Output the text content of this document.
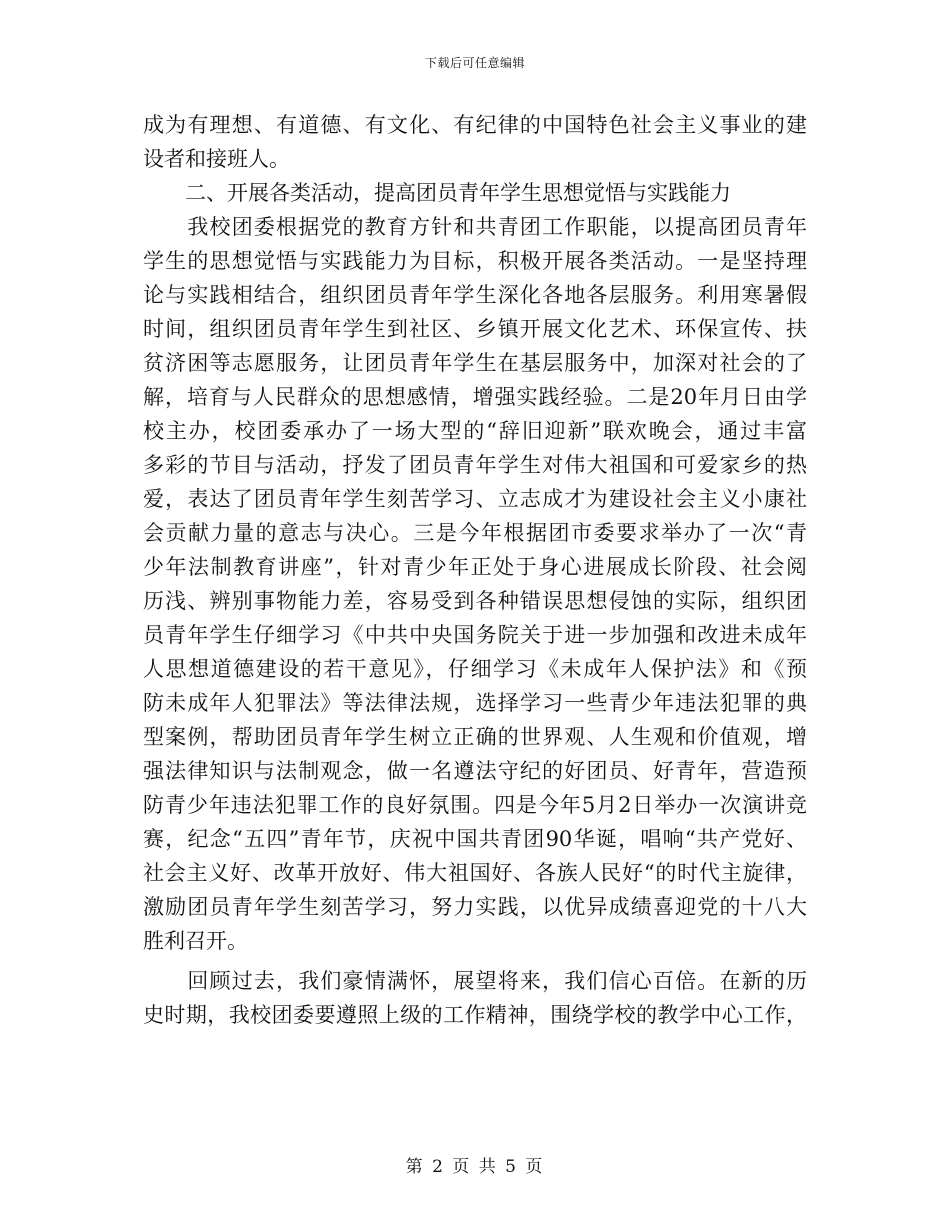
下载后可任意编辑
成为有理想、有道德、有文化、有纪律的中国特色社会主义事业的建
设者和接班人。
　　二、开展各类活动，提高团员青年学生思想觉悟与实践能力
　　我校团委根据党的教育方针和共青团工作职能，以提高团员青年
学生的思想觉悟与实践能力为目标，积极开展各类活动。一是坚持理
论与实践相结合，组织团员青年学生深化各地各层服务。利用寒暑假
时间，组织团员青年学生到社区、乡镇开展文化艺术、环保宣传、扶
贫济困等志愿服务，让团员青年学生在基层服务中，加深对社会的了
解，培育与人民群众的思想感情，增强实践经验。二是20年月日由学
校主办，校团委承办了一场大型的“辞旧迎新”联欢晚会，通过丰富
多彩的节目与活动，抒发了团员青年学生对伟大祖国和可爱家乡的热
爱，表达了团员青年学生刻苦学习、立志成才为建设社会主义小康社
会贡献力量的意志与决心。三是今年根据团市委要求举办了一次“青
少年法制教育讲座”，针对青少年正处于身心进展成长阶段、社会阅
历浅、辨别事物能力差，容易受到各种错误思想侵蚀的实际，组织团
员青年学生仔细学习《中共中央国务院关于进一步加强和改进未成年
人思想道德建设的若干意见》，仔细学习《未成年人保护法》和《预
防未成年人犯罪法》等法律法规，选择学习一些青少年违法犯罪的典
型案例，帮助团员青年学生树立正确的世界观、人生观和价值观，增
强法律知识与法制观念，做一名遵法守纪的好团员、好青年，营造预
防青少年违法犯罪工作的良好氛围。四是今年5月2日举办一次演讲竞
赛，纪念“五四”青年节，庆祝中国共青团90华诞，唱响“共产党好、
社会主义好、改革开放好、伟大祖国好、各族人民好“的时代主旋律，
激励团员青年学生刻苦学习，努力实践，以优异成绩喜迎党的十八大
胜利召开。
　　回顾过去，我们豪情满怀，展望将来，我们信心百倍。在新的历
史时期，我校团委要遵照上级的工作精神，围绕学校的教学中心工作，
第 2 页 共 5 页
